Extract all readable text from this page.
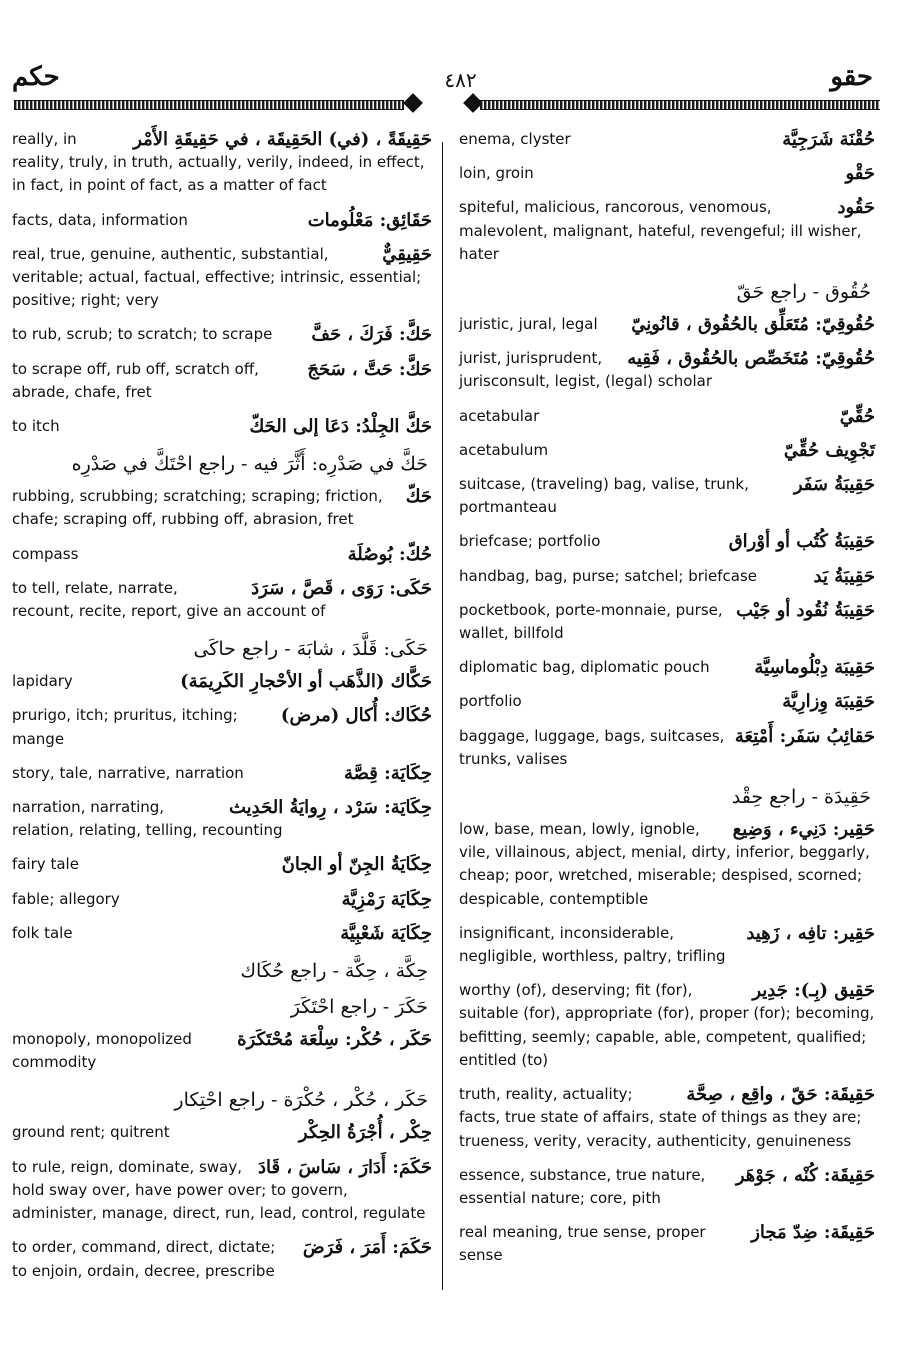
حكم	٤٨٢	حقو
حَقِيقَةً ، (في) الحَقِيقَة ، في حَقِيقَةِ الأَمْر
really, in reality, truly, in truth, actually, verily, indeed, in effect, in fact, in point of fact, as a matter of fact
حَقَائِق: مَعْلُومات
facts, data, information
حَقِيقِيٌّ
real, true, genuine, authentic, substantial, veritable; actual, factual, effective; intrinsic, essential; positive; right; very
حَكَّ: فَرَكَ ، حَفَّ
to rub, scrub; to scratch; to scrape
حَكَّ: حَتَّ ، سَحَجَ
to scrape off, rub off, scratch off, abrade, chafe, fret
حَكَّ الجِلْدُ: دَعَا إلى الحَكّ
to itch
حَكَّ في صَدْرِه: أَثَّرَ فيه - راجع احْتَكَّ في صَدْرِه
حَكّ
rubbing, scrubbing; scratching; scraping; friction, chafe; scraping off, rubbing off, abrasion, fret
حُكّ: بُوصُلَة
compass
حَكَى: رَوَى ، قَصَّ ، سَرَدَ
to tell, relate, narrate, recount, recite, report, give an account of
حَكَى: قَلَّدَ ، شابَهَ - راجع حاكَى
حَكَّاك (الذَّهَب أو الأحْجارِ الكَرِيمَة)
lapidary
حُكَاك: أُكال (مرض)
prurigo, itch; pruritus, itching; mange
حِكَايَة: قِصَّة
story, tale, narrative, narration
حِكَايَة: سَرْد ، رِوايَةُ الحَدِيث
narration, narrating, relation, relating, telling, recounting
حِكَايَةُ الجِنّ أو الجانّ
fairy tale
حِكَايَة رَمْزِيَّة
fable; allegory
حِكَايَة شَعْبِيَّة
folk tale
حِكَّة ، حِكَّة - راجع حُكَاك
حَكَرَ - راجع احْتَكَرَ
حَكَر ، حُكْر: سِلْعَة مُحْتَكَرَة
monopoly, monopolized commodity
حَكَر ، حُكْر ، حُكْرَة - راجع احْتِكار
حِكْر ، أُجْرَةُ الحِكْر
ground rent; quitrent
حَكَمَ: أَدَارَ ، سَاسَ ، قَادَ
to rule, reign, dominate, sway, hold sway over, have power over; to govern, administer, manage, direct, run, lead, control, regulate
حَكَمَ: أَمَرَ ، فَرَضَ
to order, command, direct, dictate; to enjoin, ordain, decree, prescribe
حُقْنَة شَرَجِيَّة
enema, clyster
حَقْو
loin, groin
حَقُود
spiteful, malicious, rancorous, venomous, malevolent, malignant, hateful, revengeful; ill wisher, hater
حُقُوق - راجع حَقّ
حُقُوقِيّ: مُتَعَلِّق بالحُقُوق ، قانُونِيّ
juristic, jural, legal
حُقُوقِيّ: مُتَخَصِّص بالحُقُوق ، فَقِيه
jurist, jurisprudent, jurisconsult, legist, (legal) scholar
حُقِّيّ
acetabular
تَجْوِيف حُقِّيّ
acetabulum
حَقِيبَةُ سَفَر
suitcase, (traveling) bag, valise, trunk, portmanteau
حَقِيبَةُ كُتُب أو أوْراق
briefcase; portfolio
حَقِيبَةُ يَد
handbag, bag, purse; satchel; briefcase
حَقِيبَةُ نُقُود أو جَيْب
pocketbook, porte-monnaie, purse, wallet, billfold
حَقِيبَة دِبْلُوماسِيَّة
diplomatic bag, diplomatic pouch
حَقِيبَة وِزارِيَّة
portfolio
حَقائِبُ سَفَر: أَمْتِعَة
baggage, luggage, bags, suitcases, trunks, valises
حَقِيدَة - راجع حِقْد
حَقِير: دَنِيء ، وَضِيع
low, base, mean, lowly, ignoble, vile, villainous, abject, menial, dirty, inferior, beggarly, cheap; poor, wretched, miserable; despised, scorned; despicable, contemptible
حَقِير: تافِه ، زَهِيد
insignificant, inconsiderable, negligible, worthless, paltry, trifling
حَقِيق (بِـ): جَدِير
worthy (of), deserving; fit (for), suitable (for), appropriate (for), proper (for); becoming, befitting, seemly; capable, able, competent, qualified; entitled (to)
حَقِيقَة: حَقّ ، واقِع ، صِحَّة
truth, reality, actuality; facts, true state of affairs, state of things as they are; trueness, verity, veracity, authenticity, genuineness
حَقِيقَة: كُنْه ، جَوْهَر
essence, substance, true nature, essential nature; core, pith
حَقِيقَة: ضِدّ مَجاز
real meaning, true sense, proper sense
